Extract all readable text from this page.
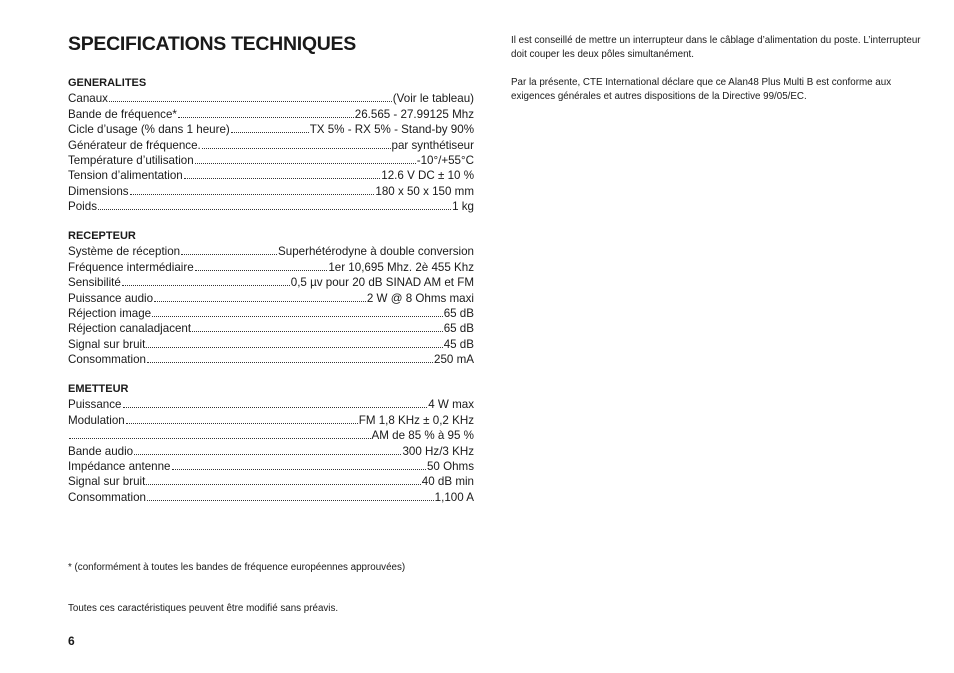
SPECIFICATIONS TECHNIQUES
GENERALITES
Canaux	(Voir le tableau)
Bande de fréquence*	26.565 - 27.99125 Mhz
Cicle d’usage (% dans 1 heure)	TX 5% - RX 5% - Stand-by 90%
Générateur de fréquence.	par synthétiseur
Température d’utilisation	-10°/+55°C
Tension d’alimentation	12.6 V DC ± 10 %
Dimensions	180 x 50 x 150 mm
Poids	1 kg
RECEPTEUR
Système de réception	Superhétérodyne à double conversion
Fréquence intermédiaire	1er 10,695 Mhz. 2è 455 Khz
Sensibilité	0,5 µv pour 20 dB SINAD AM et FM
Puissance audio	2 W @ 8 Ohms maxi
Réjection image	65 dB
Réjection canaladjacent	65 dB
Signal sur bruit	45 dB
Consommation	250 mA
EMETTEUR
Puissance	4 W max
Modulation	FM 1,8 KHz ± 0,2 KHz
AM de 85 % à 95 %
Bande audio	300 Hz/3 KHz
Impédance antenne	50 Ohms
Signal sur bruit	40 dB min
Consommation	1,100 A
* (conformément à toutes les bandes de fréquence européennes approuvées)
Toutes ces caractéristiques peuvent être modifié sans préavis.
6

Il est conseillé de mettre un interrupteur dans le câblage d’alimentation du poste. L’interrupteur doit couper les deux pôles simultanément.

Par la présente, CTE International déclare que ce Alan48 Plus Multi B est conforme aux exigences générales et autres dispositions de la Directive 99/05/EC.
